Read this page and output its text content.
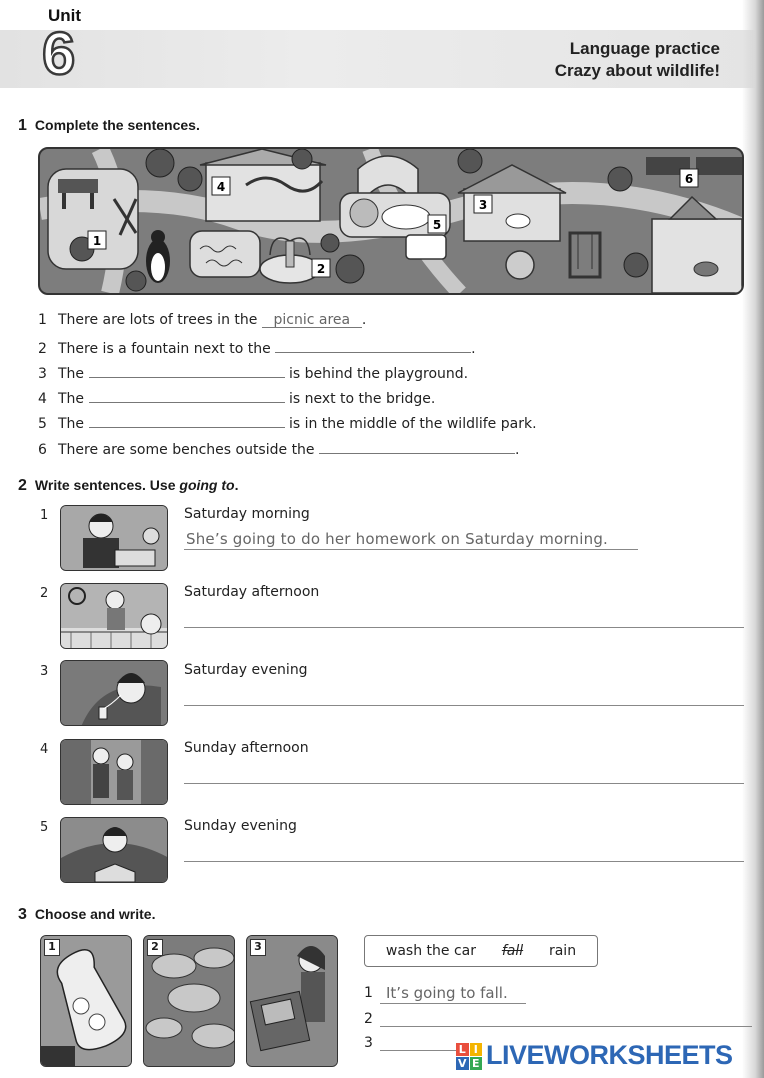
Unit
6	Language practice
Crazy about wildlife!
1 Complete the sentences.
1
2
3
4
5
6
1 There are lots of trees in the picnic area .
2 There is a fountain next to the	.
3 The	is behind the playground.
4 The	is next to the bridge.
5 The	is in the middle of the wildlife park.
6 There are some benches outside the	.
2 Write sentences. Use going to.
1	Saturday morning
She’s going to do her homework on Saturday morning.
2	Saturday afternoon
3	Saturday evening
4	Sunday afternoon
5	Sunday evening
3 Choose and write.
1	2	3	wash the car fall rain
1 It’s going to fall.
2
3	L I
V E LIVEWORKSHEETS
